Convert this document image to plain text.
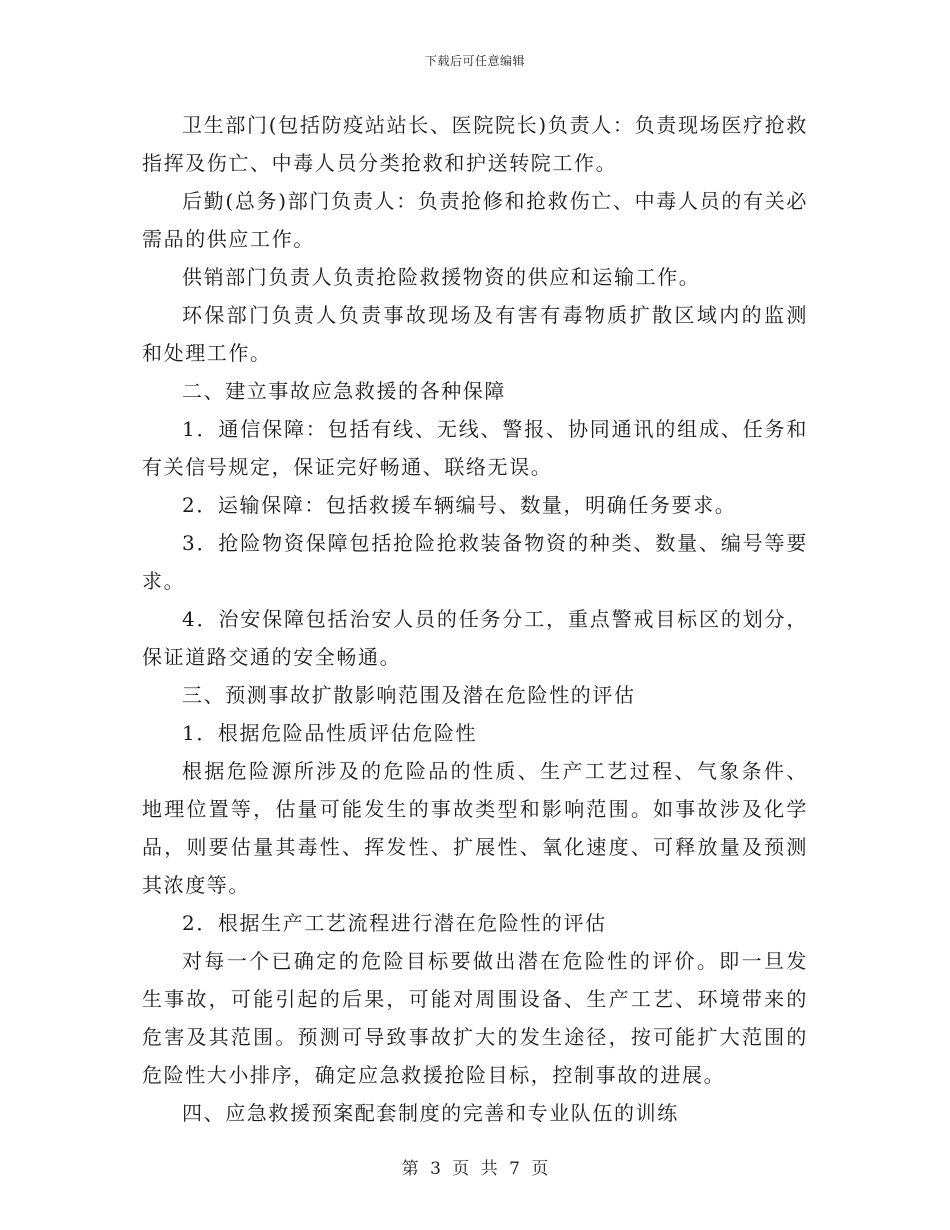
下载后可任意编辑

卫生部门(包括防疫站站长、医院院长)负责人：负责现场医疗抢救指挥及伤亡、中毒人员分类抢救和护送转院工作。

后勤(总务)部门负责人：负责抢修和抢救伤亡、中毒人员的有关必需品的供应工作。

供销部门负责人负责抢险救援物资的供应和运输工作。

环保部门负责人负责事故现场及有害有毒物质扩散区域内的监测和处理工作。

二、建立事故应急救援的各种保障

1．通信保障：包括有线、无线、警报、协同通讯的组成、任务和有关信号规定，保证完好畅通、联络无误。

2．运输保障：包括救援车辆编号、数量，明确任务要求。

3．抢险物资保障包括抢险抢救装备物资的种类、数量、编号等要求。

4．治安保障包括治安人员的任务分工，重点警戒目标区的划分，保证道路交通的安全畅通。

三、预测事故扩散影响范围及潜在危险性的评估

1．根据危险品性质评估危险性

根据危险源所涉及的危险品的性质、生产工艺过程、气象条件、地理位置等，估量可能发生的事故类型和影响范围。如事故涉及化学品，则要估量其毒性、挥发性、扩展性、氧化速度、可释放量及预测其浓度等。

2．根据生产工艺流程进行潜在危险性的评估

对每一个已确定的危险目标要做出潜在危险性的评价。即一旦发生事故，可能引起的后果，可能对周围设备、生产工艺、环境带来的危害及其范围。预测可导致事故扩大的发生途径，按可能扩大范围的危险性大小排序，确定应急救援抢险目标，控制事故的进展。

四、应急救援预案配套制度的完善和专业队伍的训练

第 3 页 共 7 页
